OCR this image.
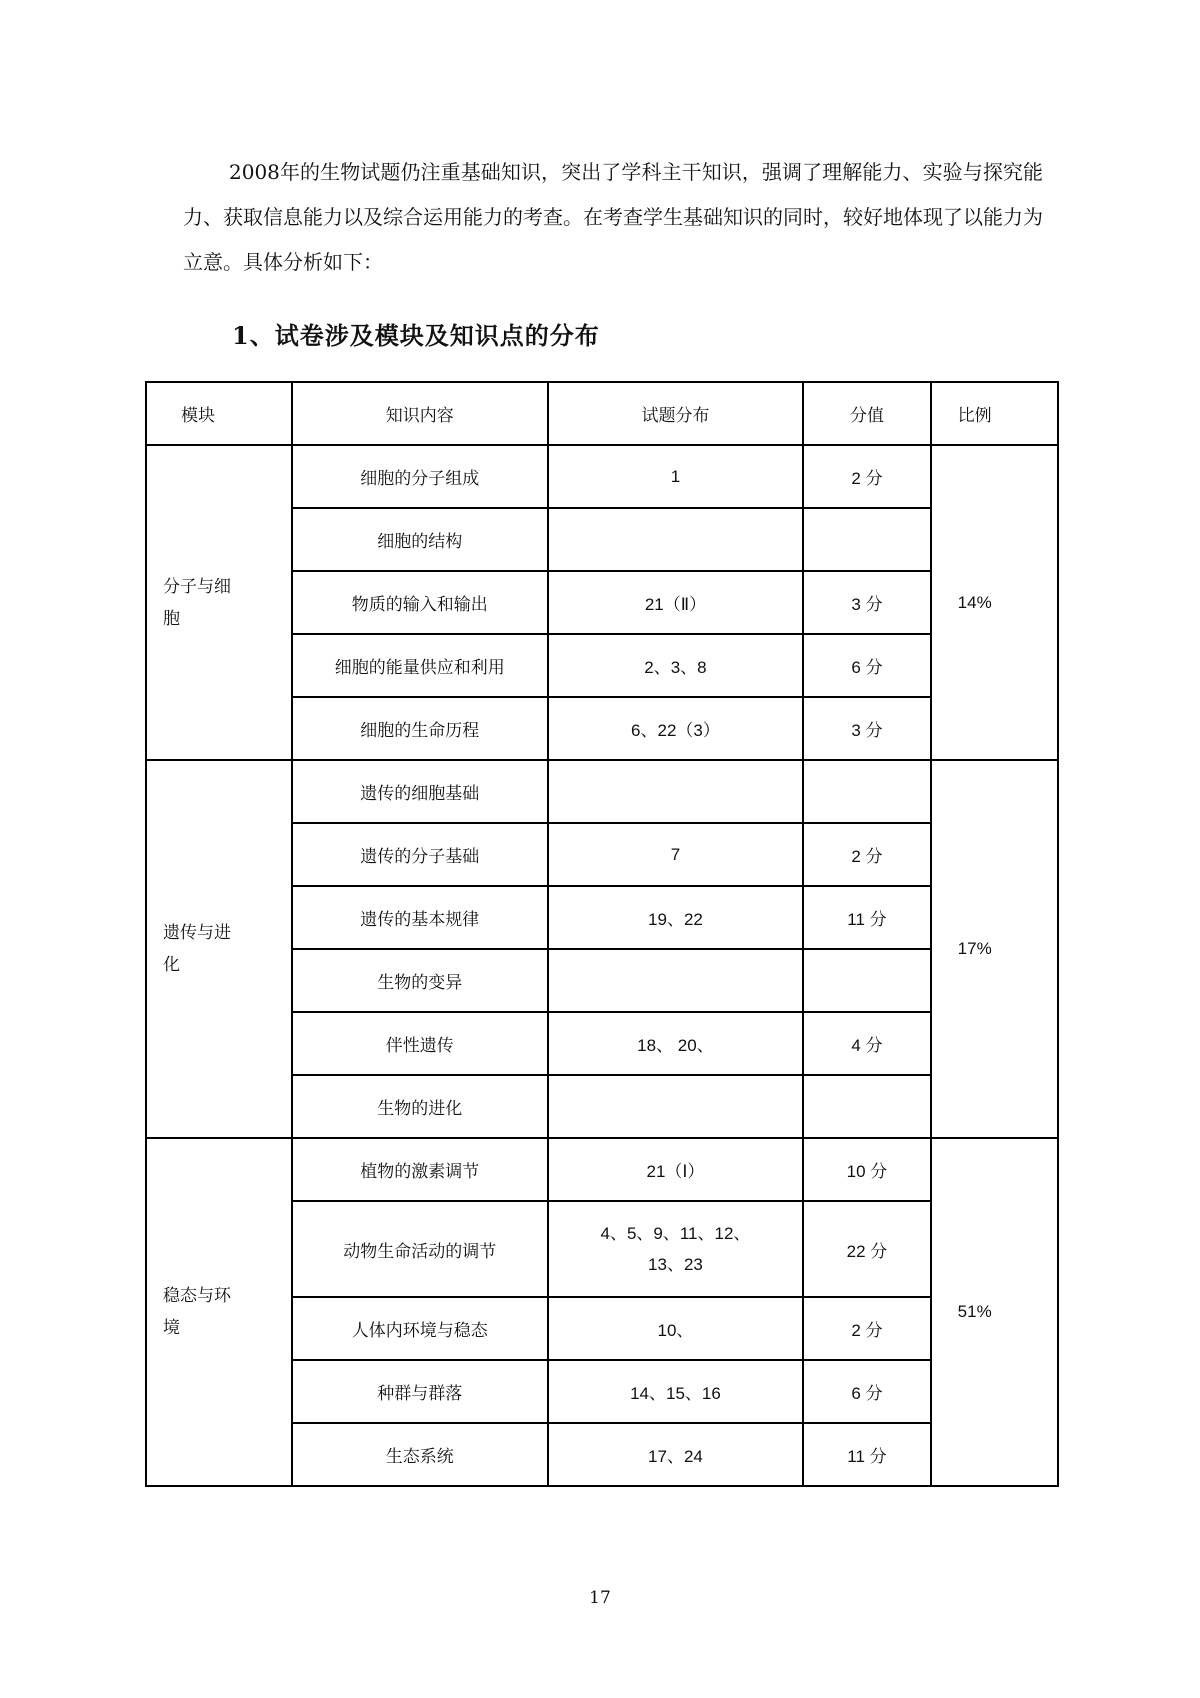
2008年的生物试题仍注重基础知识，突出了学科主干知识，强调了理解能力、实验与探究能力、获取信息能力以及综合运用能力的考查。在考查学生基础知识的同时，较好地体现了以能力为立意。具体分析如下：

1、试卷涉及模块及知识点的分布
模块	知识内容	试题分布	分值	比例

分子与细
胞	细胞的分子组成	1	2 分	14%
	细胞的结构			
	物质的输入和输出	21（Ⅱ）	3 分	
	细胞的能量供应和利用	2、3、8	6 分	
	细胞的生命历程	6、22（3）	3 分	

遗传与进
化	遗传的细胞基础			17%
	遗传的分子基础	7	2 分	
	遗传的基本规律	19、22	11 分	
	生物的变异			
	伴性遗传	18、 20、	4 分	
	生物的进化			

稳态与环
境	植物的激素调节	21（Ⅰ）	10 分	51%
	动物生命活动的调节	4、5、9、11、12、
13、23	22 分	
	人体内环境与稳态	10、	2 分	
	种群与群落	14、15、16	6 分	
	生态系统	17、24	11 分	
17
